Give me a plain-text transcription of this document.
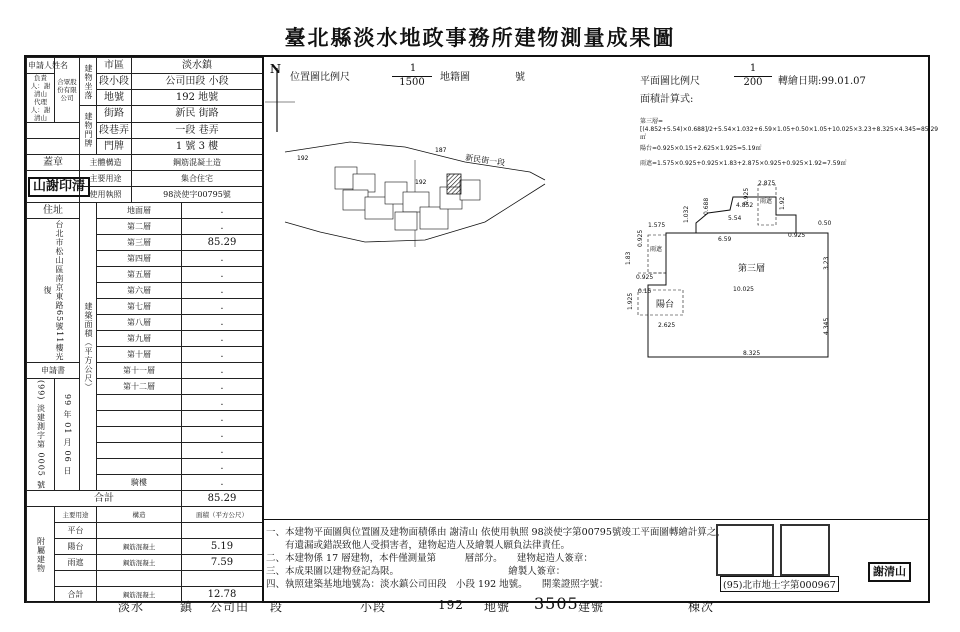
臺北縣淡水地政事務所建物測量成果圖
申請人姓名	合眾股份有限公司	建物坐落	市區	淡水鎮	
負責人：謝清山
代理人：謝清山			段小段	公司田段 小段	
			地號	192 地號	
		建物門牌	街路	新民 街路	
			段巷弄	一段 巷弄	
			門牌	1 號 3 樓	
蓋章		主體構造		鋼筋混凝土造	
山謝印清		主要用途		集合住宅	
		使用執照		98淡使字00795號	
住址		建築面積（平方公尺）	地面層		.
台北市松山區南京東路65號11樓光復			第二層		.
			第三層		85.29
			第四層		.
			第五層		.
			第六層		.
			第七層		.
			第八層		.
			第九層		.
			第十層		.
申請書			第十一層		.
(99) 淡建測字第 0005 號	99 年 01 月 06 日		第十二層		.
					.
					.
					.
					.
					.
			騎樓		.
合計					85.29
附屬建物	主要用途		構造		面積（平方公尺）
	平台				
	陽台		鋼筋混凝土		5.19
	雨遮		鋼筋混凝土		7.59

	合計		鋼筋混凝土		12.78
N
位置圖比例尺
1
1500	地籍圖	號
新民街一段
192
192
187
平面圖比例尺
1
200	轉繪日期:99.01.07
面積計算式:
第三層=[(4.852+5.54)×0.688]/2+5.54×1.032+6.59×1.05+0.50×1.05+10.025×3.23+8.325×4.345=85.29㎡
陽台=0.925×0.15+2.625×1.925=5.19㎡
雨遮=1.575×0.925+0.925×1.83+2.875×0.925+0.925×1.92=7.59㎡
第三層
陽台
雨遮
雨遮
2.875
4.852
5.54
1.575
6.59
0.925
0.50
0.925
10.025
2.625
8.325
1.83
1.925
3.23
4.345
1.92
0.925
0.688
1.032
0.925
0.15
一、本建物平面圖與位置圖及建物面積係由 謝清山 依使用執照 98淡使字第00795號竣工平面圖轉繪計算之，
有遺漏或錯誤致他人受損害者，建物起造人及繪製人願負法律責任。
二、本建物係 17 層建物，本件僅測量第　　　層部分。　　建物起造人簽章：
三、本成果圖以建物登記為限。　　　　　　　　　　　　繪製人簽章：
四、執照建築基地地號為：淡水鎮公司田段　小段 192 地號。　　開業證照字號：	(95)北市地士字第000967
謝清山
淡水	鎮 公司田 段	小段	192 地號 3505 建號	棟次
